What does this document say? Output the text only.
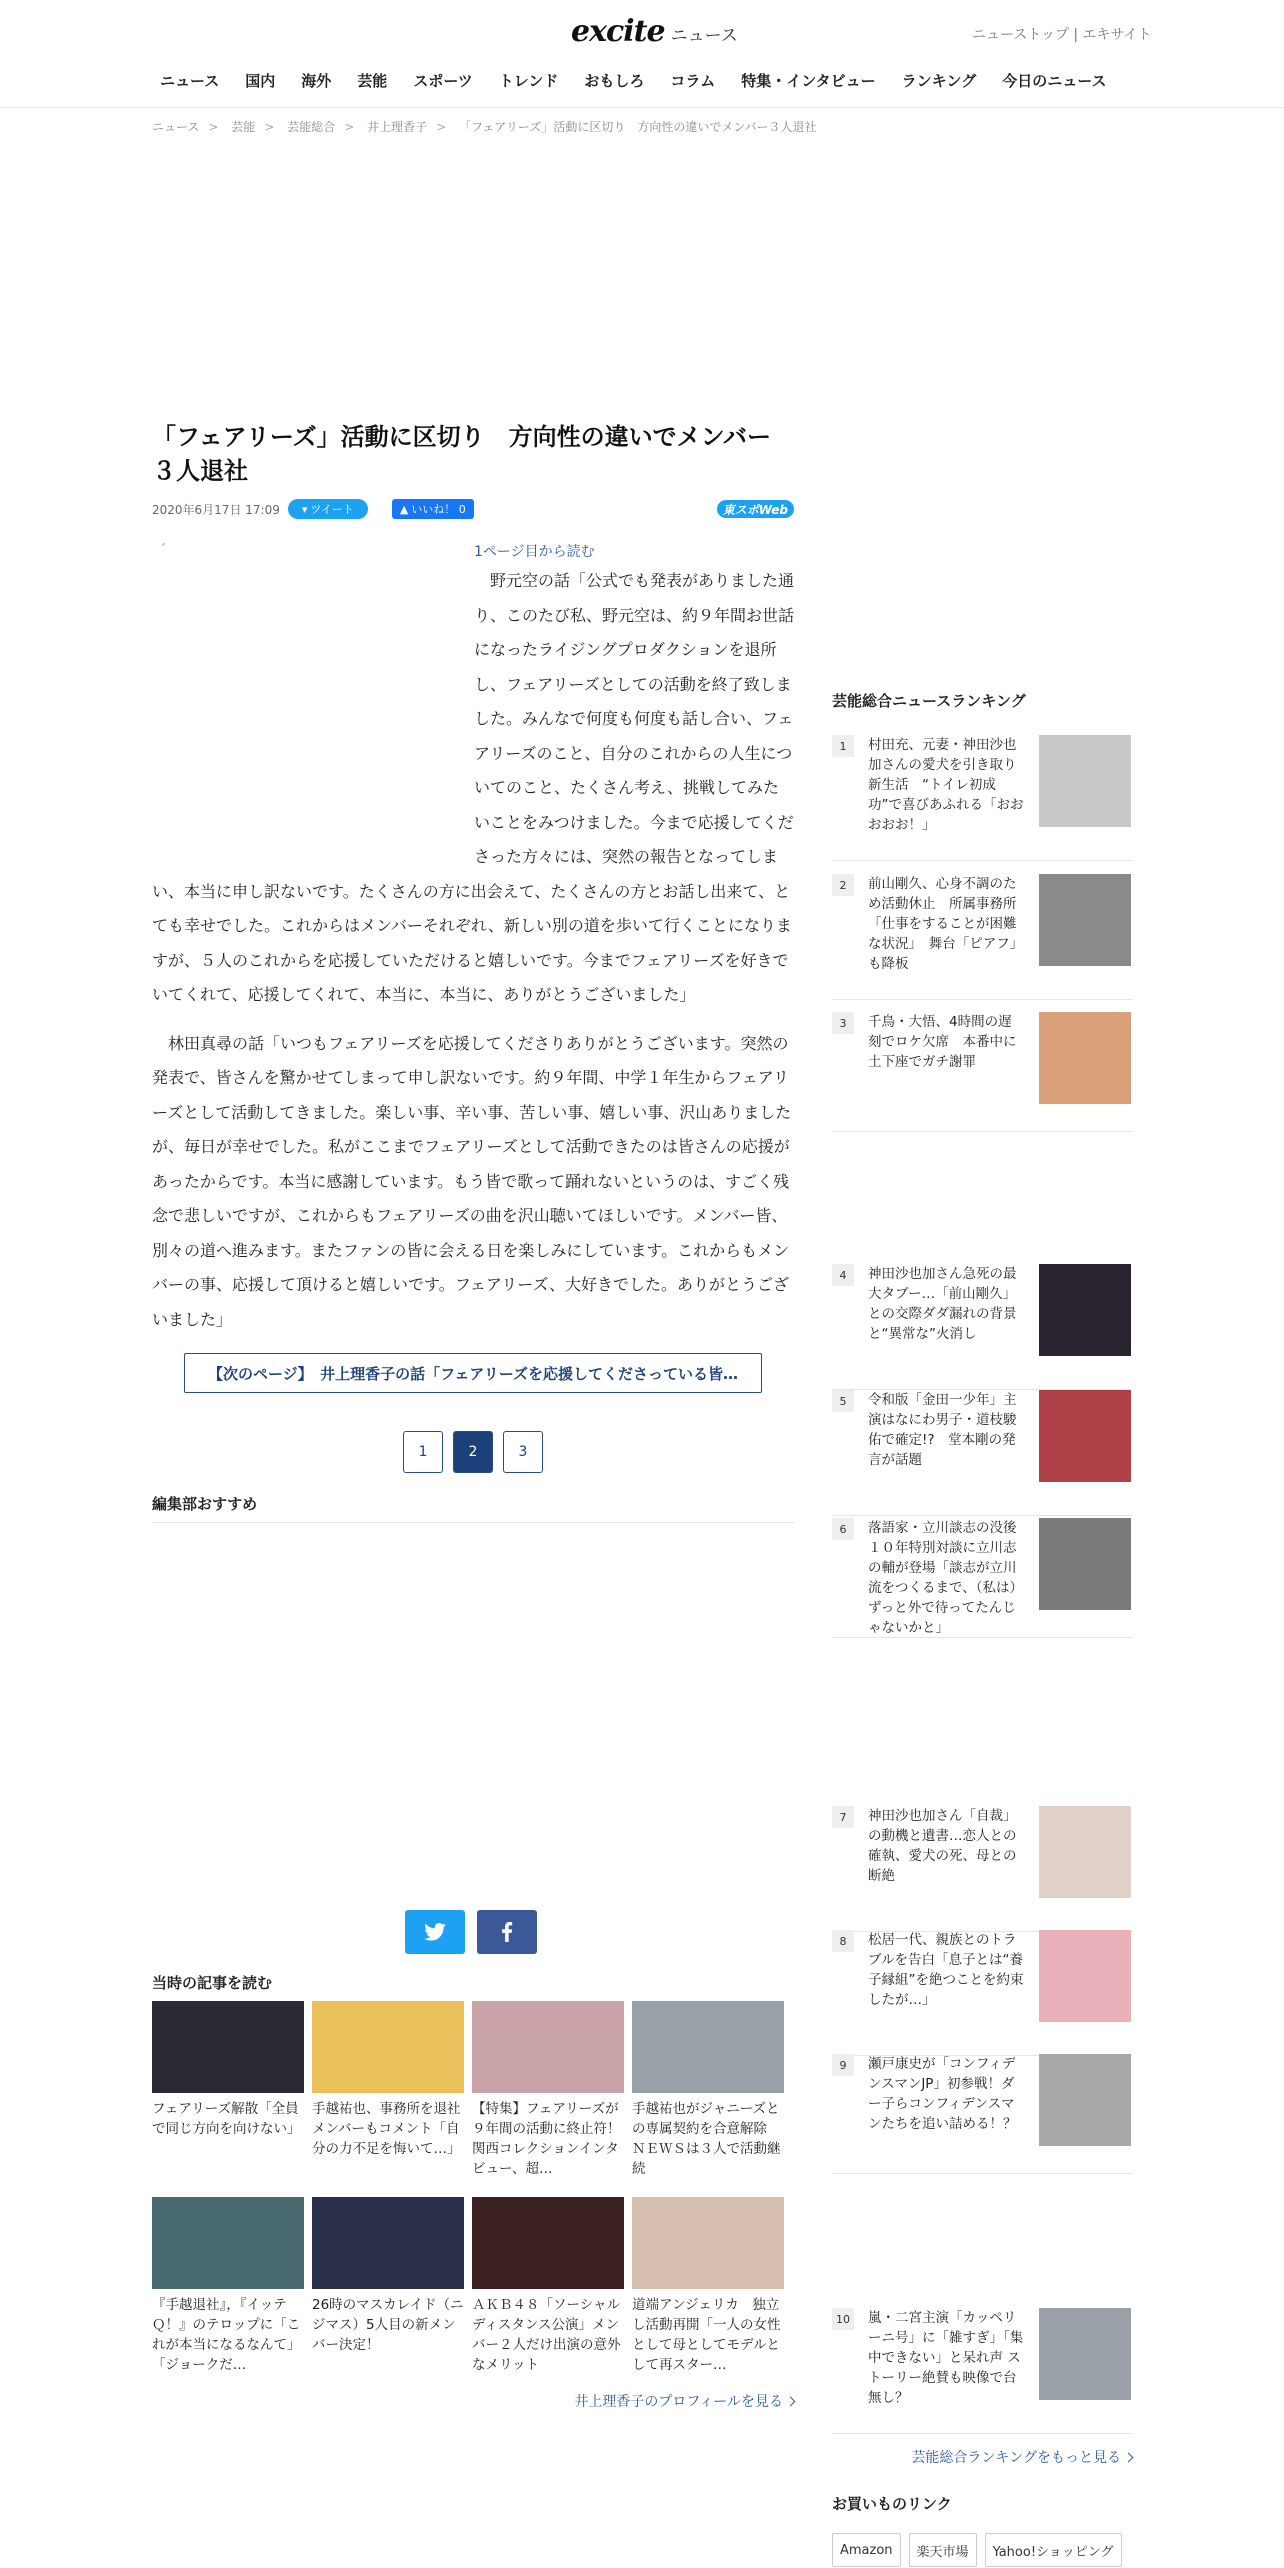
excite ニュース	ニューストップ | エキサイト
ニュース	国内	海外	芸能	スポーツ	トレンド	おもしろ	コラム	特集・インタビュー	ランキング	今日のニュース
ニュース > 芸能 > 芸能総合 > 井上理香子 > 「フェアリーズ」活動に区切り　方向性の違いでメンバー３人退社
「フェアリーズ」活動に区切り　方向性の違いでメンバー３人退社
2020年6月17日 17:09 ▾ ツイート	▲ いいね！ 0	東スポWeb
´	1ページ目から読む

野元空の話「公式でも発表がありました通り、このたび私、野元空は、約９年間お世話になったライジングプロダクションを退所し、フェアリーズとしての活動を終了致しました。みんなで何度も何度も話し合い、フェアリーズのこと、自分のこれからの人生についてのこと、たくさん考え、挑戦してみたいことをみつけました。今まで応援してくださった方々には、突然の報告となってしまい、本当に申し訳ないです。たくさんの方に出会えて、たくさんの方とお話し出来て、とても幸せでした。これからはメンバーそれぞれ、新しい別の道を歩いて行くことになりますが、５人のこれからを応援していただけると嬉しいです。今までフェアリーズを好きでいてくれて、応援してくれて、本当に、本当に、ありがとうございました」

林田真尋の話「いつもフェアリーズを応援してくださりありがとうございます。突然の発表で、皆さんを驚かせてしまって申し訳ないです。約９年間、中学１年生からフェアリーズとして活動してきました。楽しい事、辛い事、苦しい事、嬉しい事、沢山ありましたが、毎日が幸せでした。私がここまでフェアリーズとして活動できたのは皆さんの応援があったからです。本当に感謝しています。もう皆で歌って踊れないというのは、すごく残念で悲しいですが、これからもフェアリーズの曲を沢山聴いてほしいです。メンバー皆、別々の道へ進みます。またファンの皆に会える日を楽しみにしています。これからもメンバーの事、応援して頂けると嬉しいです。フェアリーズ、大好きでした。ありがとうございました」

【次のページ】　井上理香子の話「フェアリーズを応援してくださっている皆…
1	2	3
編集部おすすめ
当時の記事を読む
フェアリーズ解散「全員で同じ方向を向けない」
手越祐也、事務所を退社　メンバーもコメント「自分の力不足を悔いて…」
【特集】フェアリーズが９年間の活動に終止符！関西コレクションインタビュー、超…
手越祐也がジャニーズとの専属契約を合意解除　ＮＥＷＳは３人で活動継続
『手越退社』，『イッテＱ！』のテロップに「これが本当になるなんて」「ジョークだ…
26時のマスカレイド（ニジマス）5人目の新メンバー決定！
ＡＫＢ４８「ソーシャルディスタンス公演」メンバー２人だけ出演の意外なメリット
道端アンジェリカ　独立し活動再開「一人の女性として母としてモデルとして再スター…
井上理香子のプロフィールを見る
芸能総合ニュースランキング
1	村田充、元妻・神田沙也加さんの愛犬を引き取り新生活　“トイレ初成功”で喜びあふれる「おおおおお！」
2	前山剛久、心身不調のため活動休止　所属事務所「仕事をすることが困難な状況」　舞台「ピアフ」も降板
3	千鳥・大悟、4時間の遅刻でロケ欠席　本番中に土下座でガチ謝罪
4	神田沙也加さん急死の最大タブー…「前山剛久」との交際ダダ漏れの背景と“異常な”火消し
5	令和版「金田一少年」主演はなにわ男子・道枝駿佑で確定!?　堂本剛の発言が話題
6	落語家・立川談志の没後１０年特別対談に立川志の輔が登場「談志が立川流をつくるまで、（私は）ずっと外で待ってたんじゃないかと」
7	神田沙也加さん「自裁」の動機と遺書…恋人との確執、愛犬の死、母との断絶
8	松居一代、親族とのトラブルを告白「息子とは“養子縁組”を絶つことを約束したが…」
9	瀬戸康史が「コンフィデンスマンJP」初参戦！ダー子らコンフィデンスマンたちを追い詰める！？
10 嵐・二宮主演「カッペリーニ号」に「雑すぎ」「集中できない」と呆れ声 ストーリー絶賛も映像で台無し？
芸能総合ランキングをもっと見る
お買いものリンク
Amazon	楽天市場	Yahoo!ショッピング
